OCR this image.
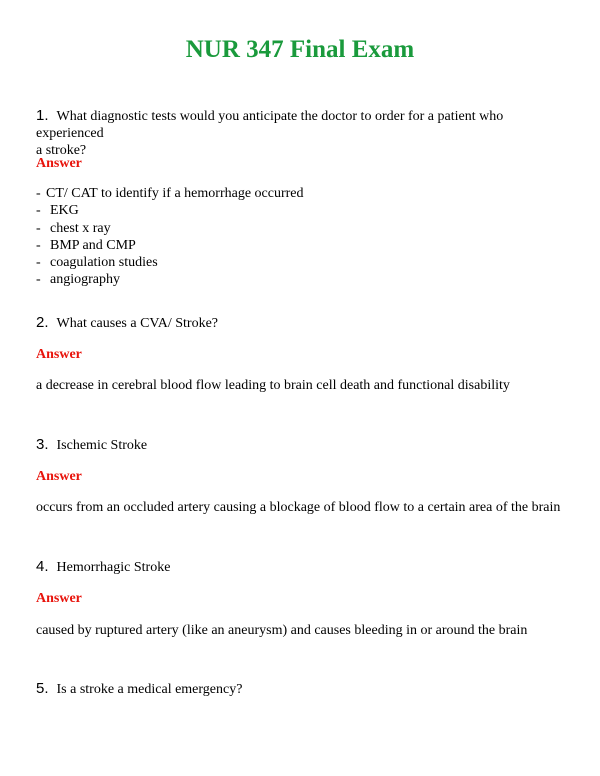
NUR 347 Final Exam
1. What diagnostic tests would you anticipate the doctor to order for a patient who experienced
a stroke?
Answer
- CT/ CAT to identify if a hemorrhage occurred
- EKG
- chest x ray
- BMP and CMP
- coagulation studies
- angiography
2. What causes a CVA/ Stroke?
Answer
a decrease in cerebral blood flow leading to brain cell death and functional disability
3. Ischemic Stroke
Answer
occurs from an occluded artery causing a blockage of blood flow to a certain area of the brain
4. Hemorrhagic Stroke
Answer
caused by ruptured artery (like an aneurysm) and causes bleeding in or around the brain
5. Is a stroke a medical emergency?
